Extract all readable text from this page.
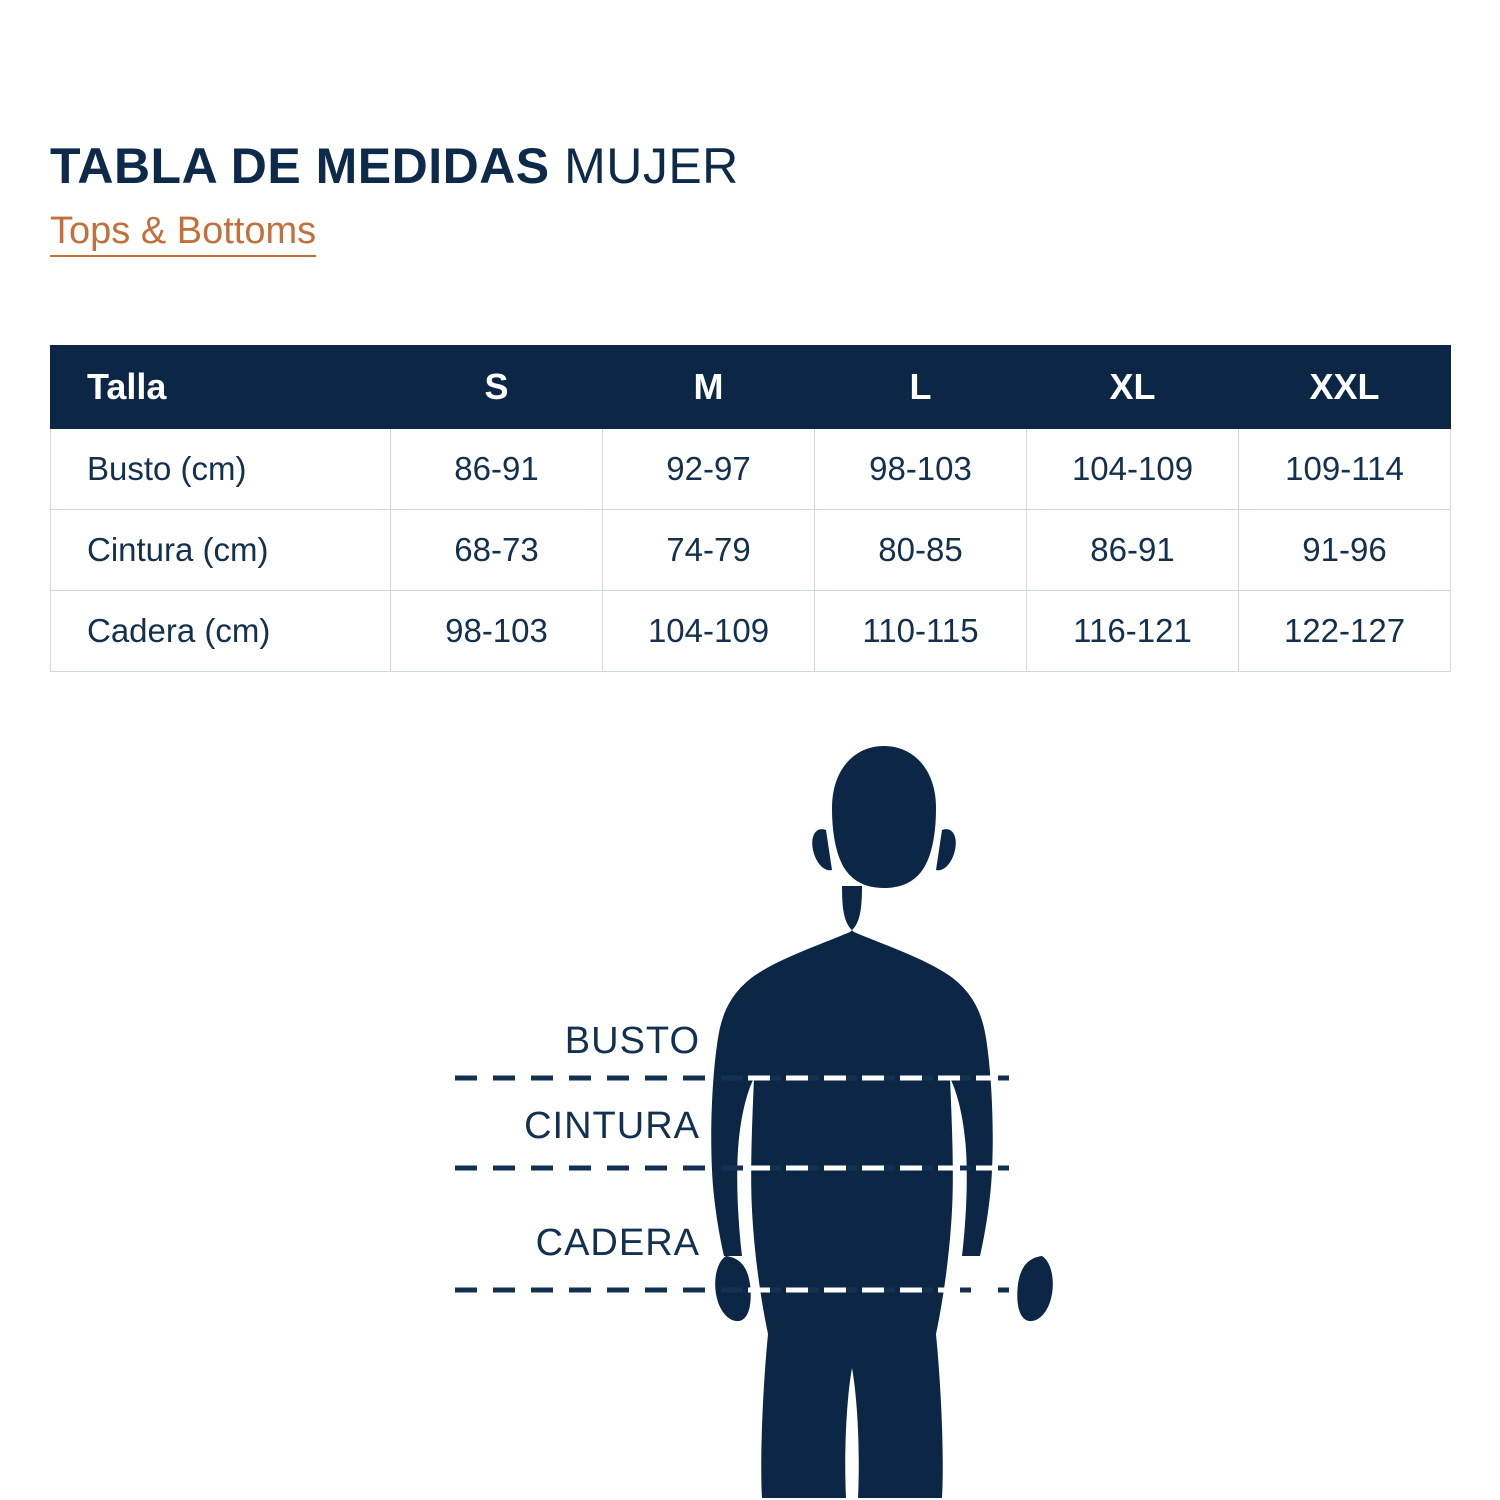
TABLA DE MEDIDAS MUJER
Tops & Bottoms
Talla	S	M	L	XL	XXL
Busto (cm)	86-91	92-97	98-103	104-109	109-114
Cintura (cm)	68-73	74-79	80-85	86-91	91-96
Cadera (cm)	98-103	104-109	110-115	116-121	122-127
BUSTO
CINTURA
CADERA
